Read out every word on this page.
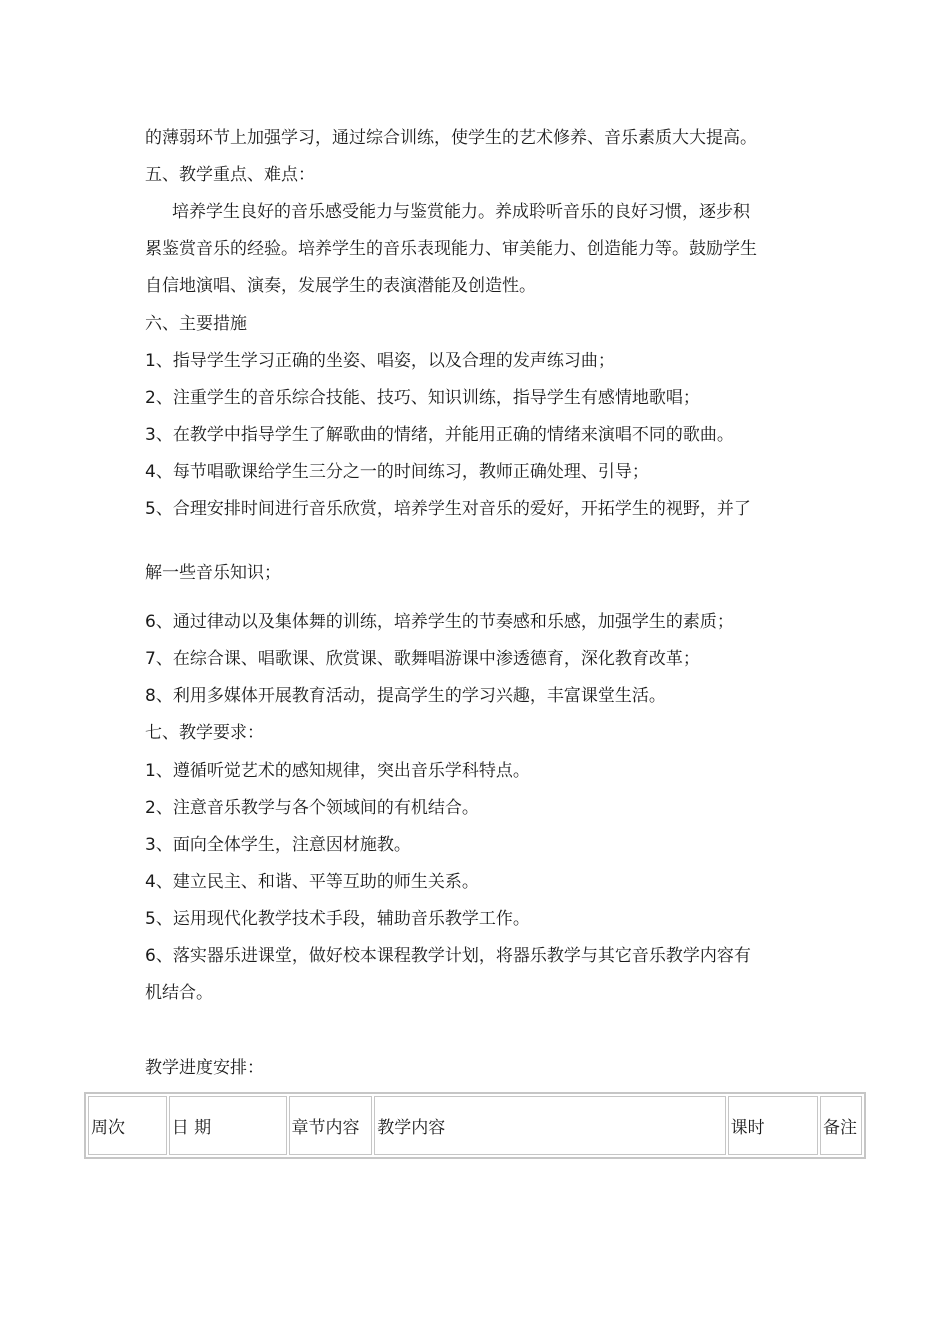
的薄弱环节上加强学习，通过综合训练，使学生的艺术修养、音乐素质大大提高。
五、教学重点、难点：
培养学生良好的音乐感受能力与鉴赏能力。养成聆听音乐的良好习惯，逐步积
累鉴赏音乐的经验。培养学生的音乐表现能力、审美能力、创造能力等。鼓励学生
自信地演唱、演奏，发展学生的表演潜能及创造性。
六、主要措施
1、指导学生学习正确的坐姿、唱姿，以及合理的发声练习曲；
2、注重学生的音乐综合技能、技巧、知识训练，指导学生有感情地歌唱；
3、在教学中指导学生了解歌曲的情绪，并能用正确的情绪来演唱不同的歌曲。
4、每节唱歌课给学生三分之一的时间练习，教师正确处理、引导；
5、合理安排时间进行音乐欣赏，培养学生对音乐的爱好，开拓学生的视野，并了
解一些音乐知识；
6、通过律动以及集体舞的训练，培养学生的节奏感和乐感，加强学生的素质；
7、在综合课、唱歌课、欣赏课、歌舞唱游课中渗透德育，深化教育改革；
8、利用多媒体开展教育活动，提高学生的学习兴趣，丰富课堂生活。
七、教学要求：
1、遵循听觉艺术的感知规律，突出音乐学科特点。
2、注意音乐教学与各个领域间的有机结合。
3、面向全体学生，注意因材施教。
4、建立民主、和谐、平等互助的师生关系。
5、运用现代化教学技术手段，辅助音乐教学工作。
6、落实器乐进课堂，做好校本课程教学计划，将器乐教学与其它音乐教学内容有
机结合。
教学进度安排：
周次	日 期	章节内容	教学内容	课时	备注
